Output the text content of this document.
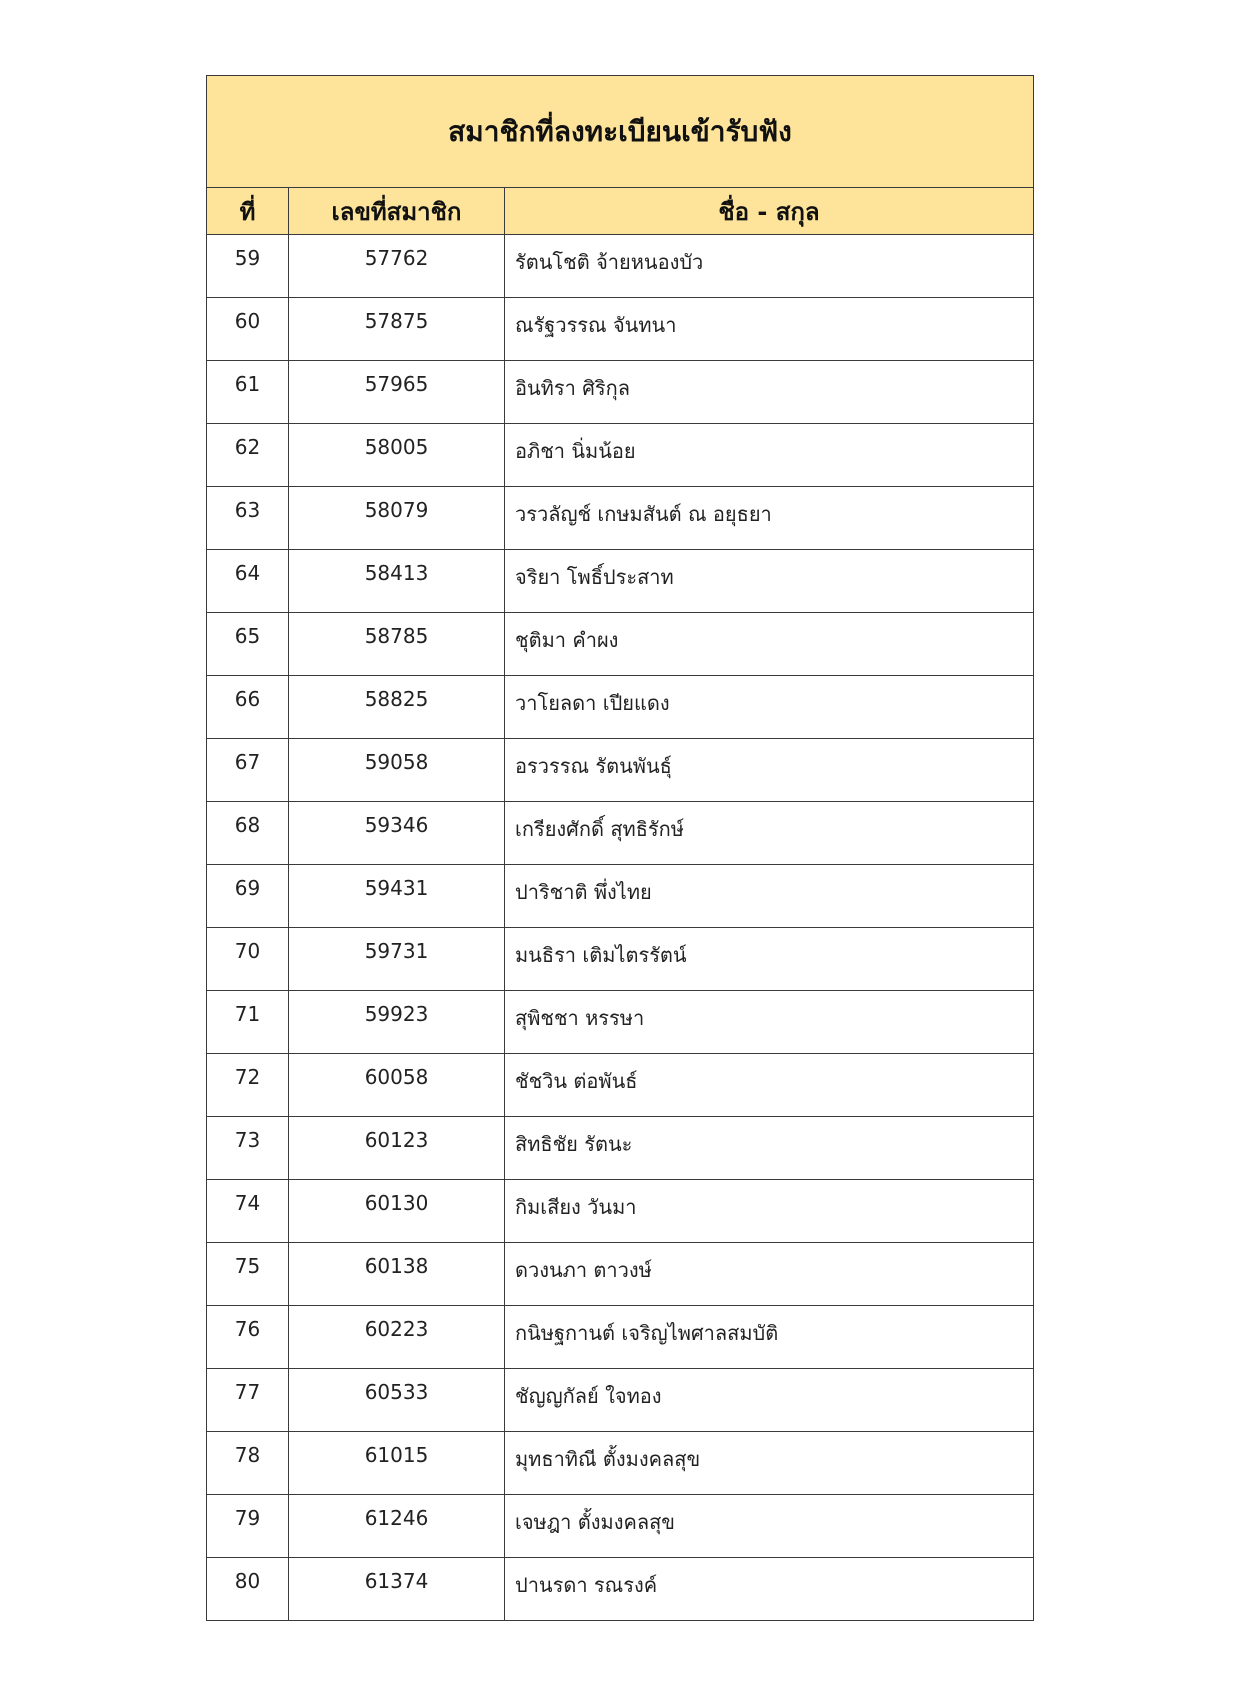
สมาชิกที่ลงทะเบียนเข้ารับฟัง		
ที่	เลขที่สมาชิก	ชื่อ - สกุล
59	57762	รัตนโชติ จ้ายหนองบัว
60	57875	ณรัฐวรรณ จันทนา
61	57965	อินทิรา ศิริกุล
62	58005	อภิชา นิ่มน้อย
63	58079	วรวลัญช์ เกษมสันต์ ณ อยุธยา
64	58413	จริยา โพธิ์ประสาท
65	58785	ชุติมา คำผง
66	58825	วาโยลดา เปียแดง
67	59058	อรวรรณ รัตนพันธุ์
68	59346	เกรียงศักดิ์ สุทธิรักษ์
69	59431	ปาริชาติ พึ่งไทย
70	59731	มนธิรา เติมไตรรัตน์
71	59923	สุพิชชา หรรษา
72	60058	ชัชวิน ต่อพันธ์
73	60123	สิทธิชัย รัตนะ
74	60130	กิมเสียง วันมา
75	60138	ดวงนภา ตาวงษ์
76	60223	กนิษฐกานต์ เจริญไพศาลสมบัติ
77	60533	ชัญญกัลย์ ใจทอง
78	61015	มุทธาทิณี ตั้งมงคลสุข
79	61246	เจษฎา ตั้งมงคลสุข
80	61374	ปานรดา รณรงค์
